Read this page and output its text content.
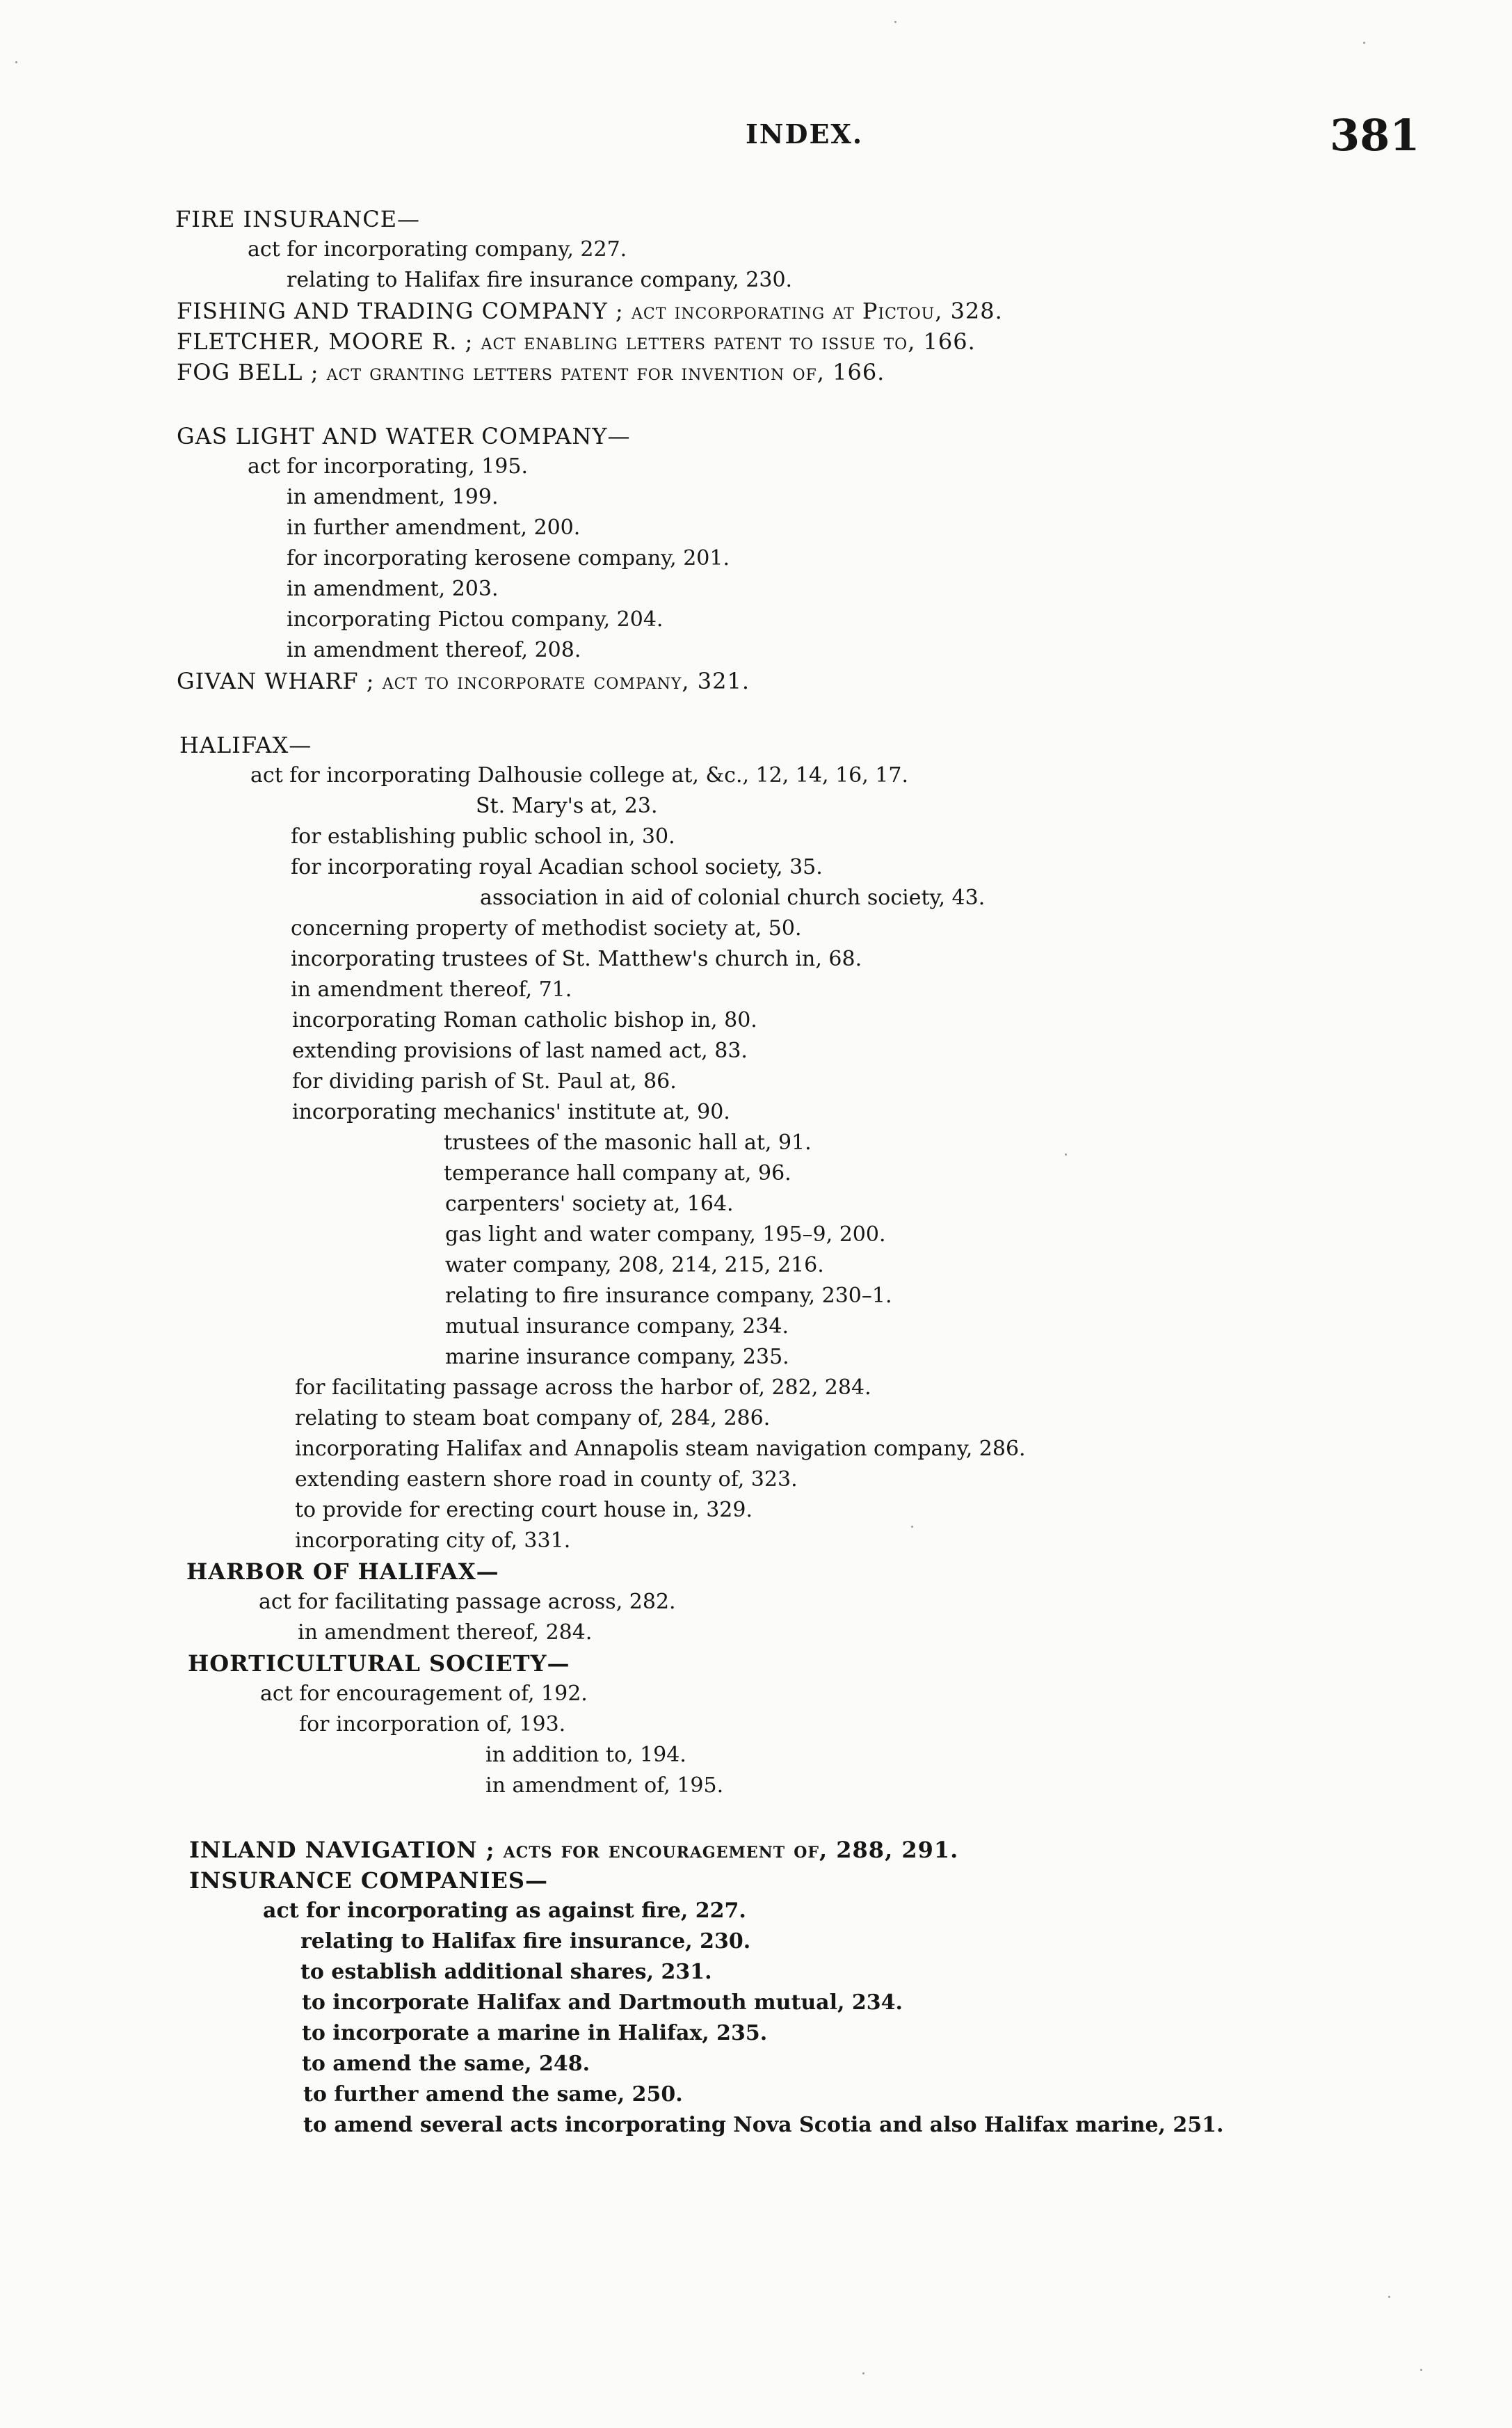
INDEX.	381
FIRE INSURANCE—
act for incorporating company, 227.
relating to Halifax fire insurance company, 230.
FISHING AND TRADING COMPANY ; act incorporating at Pictou, 328.
FLETCHER, MOORE R. ; act enabling letters patent to issue to, 166.
FOG BELL ; act granting letters patent for invention of, 166.
GAS LIGHT AND WATER COMPANY—
act for incorporating, 195.
in amendment, 199.
in further amendment, 200.
for incorporating kerosene company, 201.
in amendment, 203.
incorporating Pictou company, 204.
in amendment thereof, 208.
GIVAN WHARF ; act to incorporate company, 321.
HALIFAX—
act for incorporating Dalhousie college at, &c., 12, 14, 16, 17.
St. Mary's at, 23.
for establishing public school in, 30.
for incorporating royal Acadian school society, 35.
association in aid of colonial church society, 43.
concerning property of methodist society at, 50.
incorporating trustees of St. Matthew's church in, 68.
in amendment thereof, 71.
incorporating Roman catholic bishop in, 80.
extending provisions of last named act, 83.
for dividing parish of St. Paul at, 86.
incorporating mechanics' institute at, 90.
trustees of the masonic hall at, 91.
temperance hall company at, 96.
carpenters' society at, 164.
gas light and water company, 195–9, 200.
water company, 208, 214, 215, 216.
relating to fire insurance company, 230–1.
mutual insurance company, 234.
marine insurance company, 235.
for facilitating passage across the harbor of, 282, 284.
relating to steam boat company of, 284, 286.
incorporating Halifax and Annapolis steam navigation company, 286.
extending eastern shore road in county of, 323.
to provide for erecting court house in, 329.
incorporating city of, 331.
HARBOR OF HALIFAX—
act for facilitating passage across, 282.
in amendment thereof, 284.
HORTICULTURAL SOCIETY—
act for encouragement of, 192.
for incorporation of, 193.
in addition to, 194.
in amendment of, 195.
INLAND NAVIGATION ; acts for encouragement of, 288, 291.
INSURANCE COMPANIES—
act for incorporating as against fire, 227.
relating to Halifax fire insurance, 230.
to establish additional shares, 231.
to incorporate Halifax and Dartmouth mutual, 234.
to incorporate a marine in Halifax, 235.
to amend the same, 248.
to further amend the same, 250.
to amend several acts incorporating Nova Scotia and also Halifax marine, 251.
